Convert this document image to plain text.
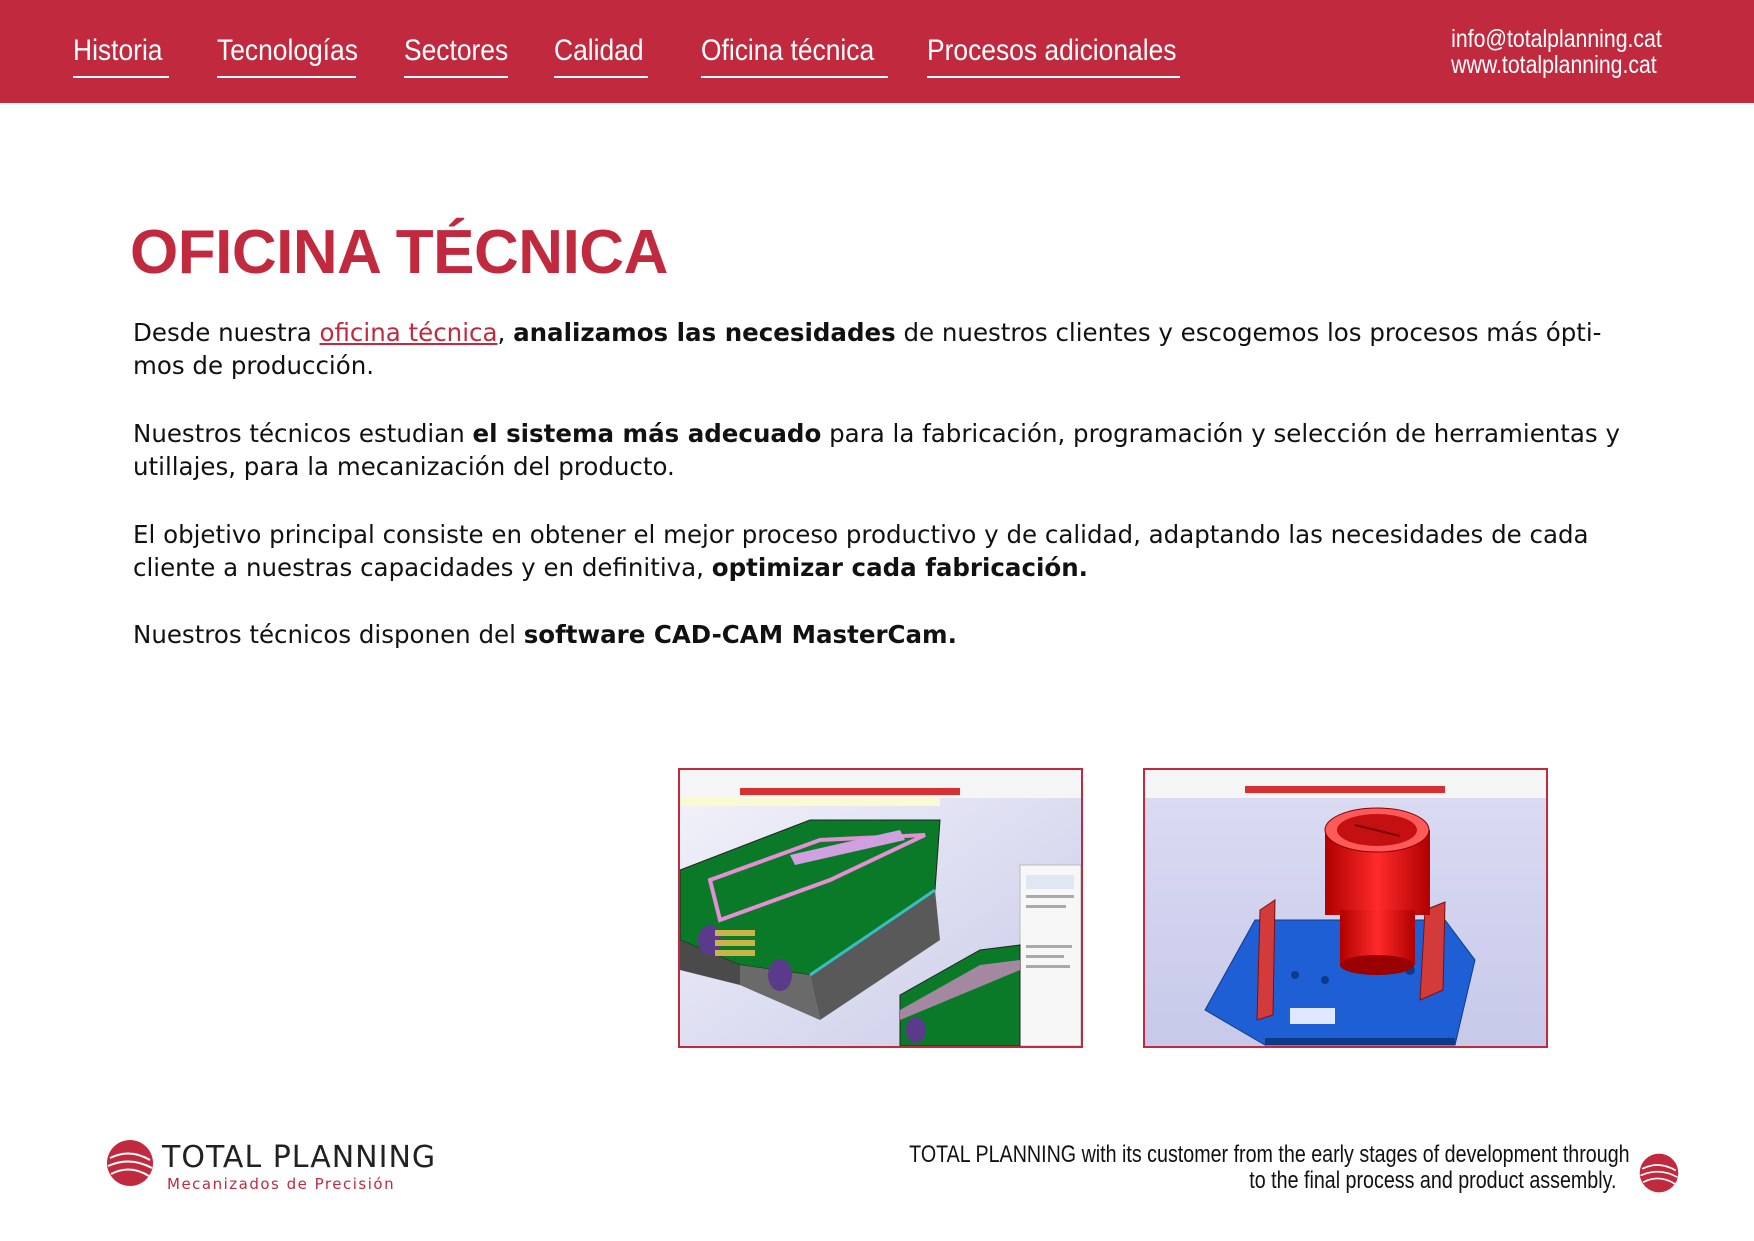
Historia Tecnologías Sectores Calidad Oficina técnica Procesos adicionales	info@totalplanning.cat
www.totalplanning.cat
OFICINA TÉCNICA

Desde nuestra oficina técnica, analizamos las necesidades de nuestros clientes y escogemos los procesos más ópti- mos de producción.

Nuestros técnicos estudian el sistema más adecuado para la fabricación, programación y selección de herramientas y utillajes, para la mecanización del producto.

El objetivo principal consiste en obtener el mejor proceso productivo y de calidad, adaptando las necesidades de cada cliente a nuestras capacidades y en definitiva, optimizar cada fabricación.

Nuestros técnicos disponen del software CAD-CAM MasterCam.

TOTAL PLANNING
Mecanizados de Precisión
TOTAL PLANNING with its customer from the early stages of development through
to the final process and product assembly.
